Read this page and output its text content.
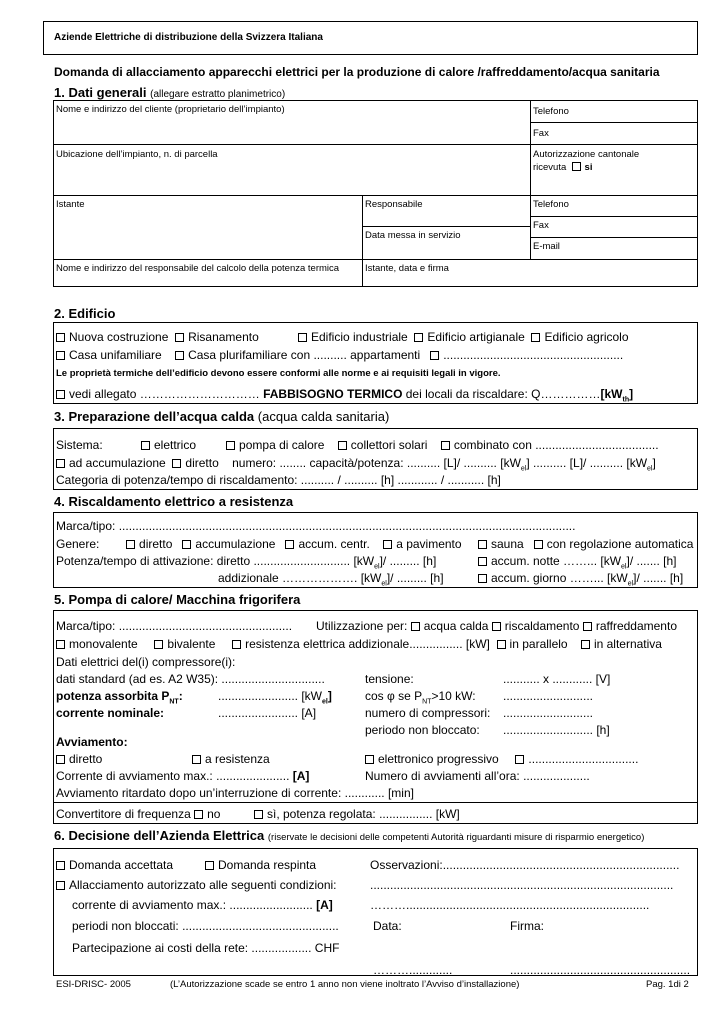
Aziende Elettriche di distribuzione della Svizzera Italiana
Domanda di allacciamento apparecchi elettrici per la produzione di calore /raffreddamento/acqua sanitaria
1. Dati generali (allegare estratto planimetrico)
Nome e indirizzo del cliente (proprietario dell’impianto)	Telefono
Fax
Ubicazione dell’impianto, n. di parcella	Autorizzazione cantonale
ricevuta si
Istante	Responsabile	Telefono
Fax
Data messa in servizio
E-mail
Nome e indirizzo del responsabile del calcolo della potenza termica	Istante, data e firma
2. Edificio
Nuova costruzione Risanamento	Edificio industriale Edificio artigianale Edificio agricolo
Casa unifamiliare Casa plurifamiliare con .......... appartamenti ......................................................
Le proprietà termiche dell’edificio devono essere conformi alle norme e ai requisiti legali in vigore.
vedi allegato ………………………… FABBISOGNO TERMICO dei locali da riscaldare: $Q\dots\dots\dots\dots\dots[kW_{th}]$
3. Preparazione dell’acqua calda (acqua calda sanitaria)
Sistema:	elettrico	pompa di calore collettori solari combinato con .....................................
ad accumulazione diretto numero: ........ capacità/potenza: .......... [L]/ .......... $[kW_{el}]$ .......... [L]/ .......... $[kW_{el}]$
Categoria di potenza/tempo di riscaldamento: .......... / .......... [h] ............ / ........... [h]
4. Riscaldamento elettrico a resistenza
Marca/tipo: .........................................................................................................................................
Genere:	diretto accumulazione accum. centr. a pavimento	sauna con regolazione automatica
Potenza/tempo di attivazione: diretto ............................. $[kW_{el}]/$ ......... [h]	accum. notte ……... $[kW_{el}]/$ ....... [h]
addizionale ………………. $[kW_{el}]/$ ......... [h]	accum. giorno ……... $[kW_{el}]/$ ....... [h]
5. Pompa di calore/ Macchina frigorifera
Marca/tipo: .................................................... Utilizzazione per: acqua calda riscaldamento raffreddamento
monovalente bivalente resistenza elettrica addizionale................ [kW] in parallelo in alternativa
Dati elettrici del(i) compressore(i):
dati standard (ad es. A2 W35): ...............................	tensione:	........... x ............ [V]
potenza assorbita $P_{NT}$:	........................ $[kW_{el}]$	cos φ se $P_{NT}>10$ kW: ...........................
corrente nominale:	........................ [A]	numero di compressori: ...........................
periodo non bloccato: ........................... [h]
Avviamento:
diretto	a resistenza	elettronico progressivo .................................
Corrente di avviamento max.: ...................... [A]	Numero di avviamenti all’ora: ....................
Avviamento ritardato dopo un’interruzione di corrente: ............ [min]
Convertitore di frequenza no	sì, potenza regolata: ................ [kW]
6. Decisione dell’Azienda Elettrica (riservate le decisioni delle competenti Autorità riguardanti misure di risparmio energetico)
Domanda accettata	Domanda respinta	Osservazioni:.......................................................................
Allacciamento autorizzato alle seguenti condizioni:	...........................................................................................
corrente di avviamento max.: ......................... [A]	……….........................................................................
periodi non bloccati: ...............................................	Data:	Firma:
Partecipazione ai costi della rete: .................. CHF
……….............	......................................................
ESI-DRISC- 2005	(L’Autorizzazione scade se entro 1 anno non viene inoltrato l’Avviso d’installazione)	Pag. 1di 2
